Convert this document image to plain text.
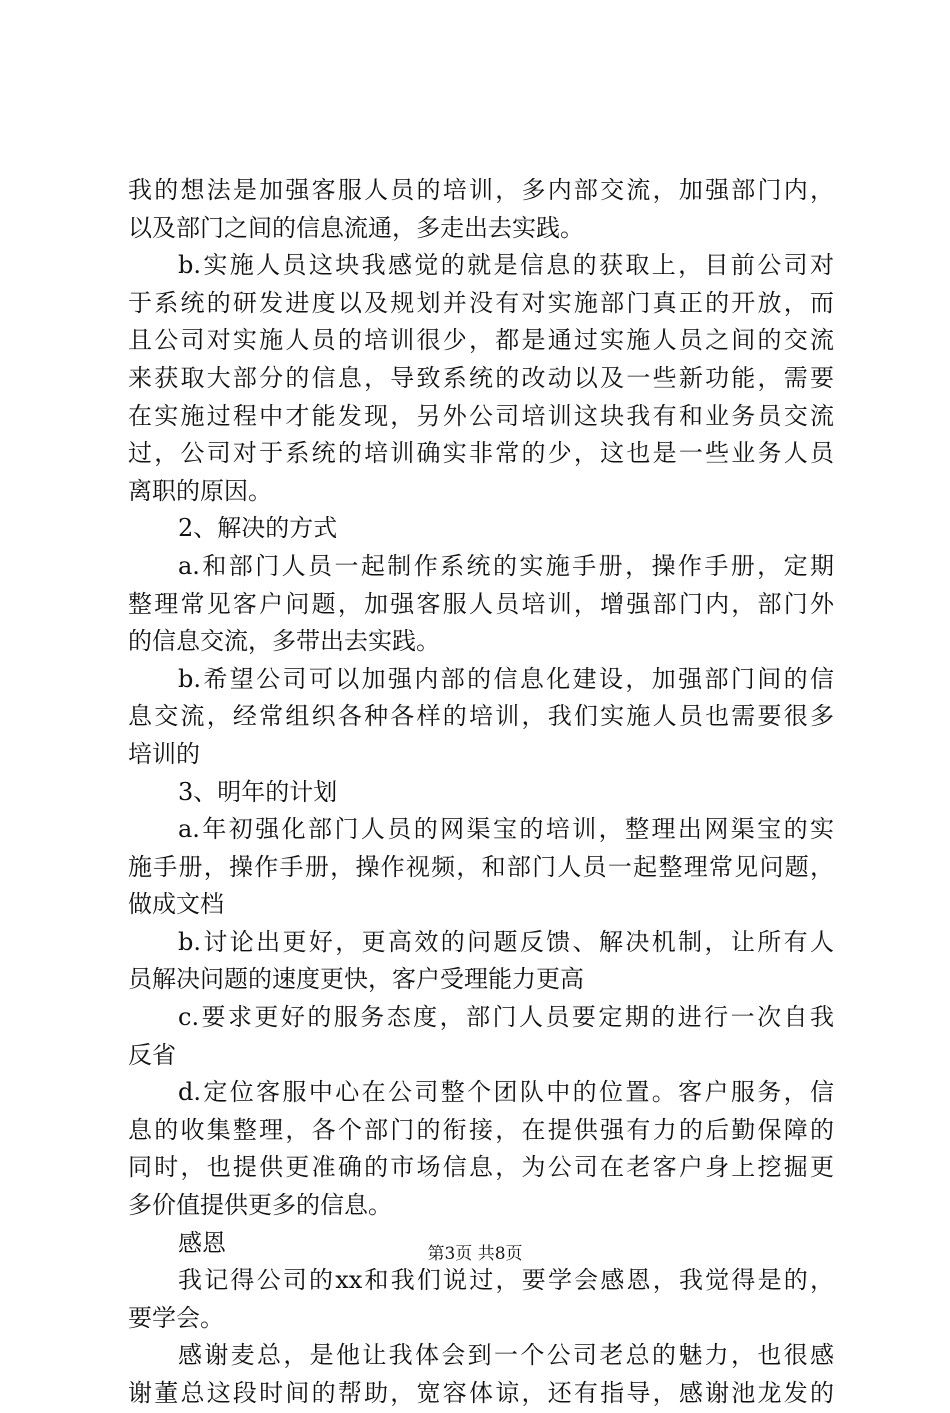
我的想法是加强客服人员的培训，多内部交流，加强部门内，
以及部门之间的信息流通，多走出去实践。
b.实施人员这块我感觉的就是信息的获取上，目前公司对
于系统的研发进度以及规划并没有对实施部门真正的开放，而
且公司对实施人员的培训很少，都是通过实施人员之间的交流
来获取大部分的信息，导致系统的改动以及一些新功能，需要
在实施过程中才能发现，另外公司培训这块我有和业务员交流
过，公司对于系统的培训确实非常的少，这也是一些业务人员
离职的原因。
2、解决的方式
a.和部门人员一起制作系统的实施手册，操作手册，定期
整理常见客户问题，加强客服人员培训，增强部门内，部门外
的信息交流，多带出去实践。
b.希望公司可以加强内部的信息化建设，加强部门间的信
息交流，经常组织各种各样的培训，我们实施人员也需要很多
培训的
3、明年的计划
a.年初强化部门人员的网渠宝的培训，整理出网渠宝的实
施手册，操作手册，操作视频，和部门人员一起整理常见问题，
做成文档
b.讨论出更好，更高效的问题反馈、解决机制，让所有人
员解决问题的速度更快，客户受理能力更高
c.要求更好的服务态度，部门人员要定期的进行一次自我
反省
d.定位客服中心在公司整个团队中的位置。客户服务，信
息的收集整理，各个部门的衔接，在提供强有力的后勤保障的
同时，也提供更准确的市场信息，为公司在老客户身上挖掘更
多价值提供更多的信息。
感恩
我记得公司的xx和我们说过，要学会感恩，我觉得是的，
要学会。
感谢麦总，是他让我体会到一个公司老总的魅力，也很感
谢董总这段时间的帮助，宽容体谅，还有指导，感谢池龙发的
第3页 共8页
